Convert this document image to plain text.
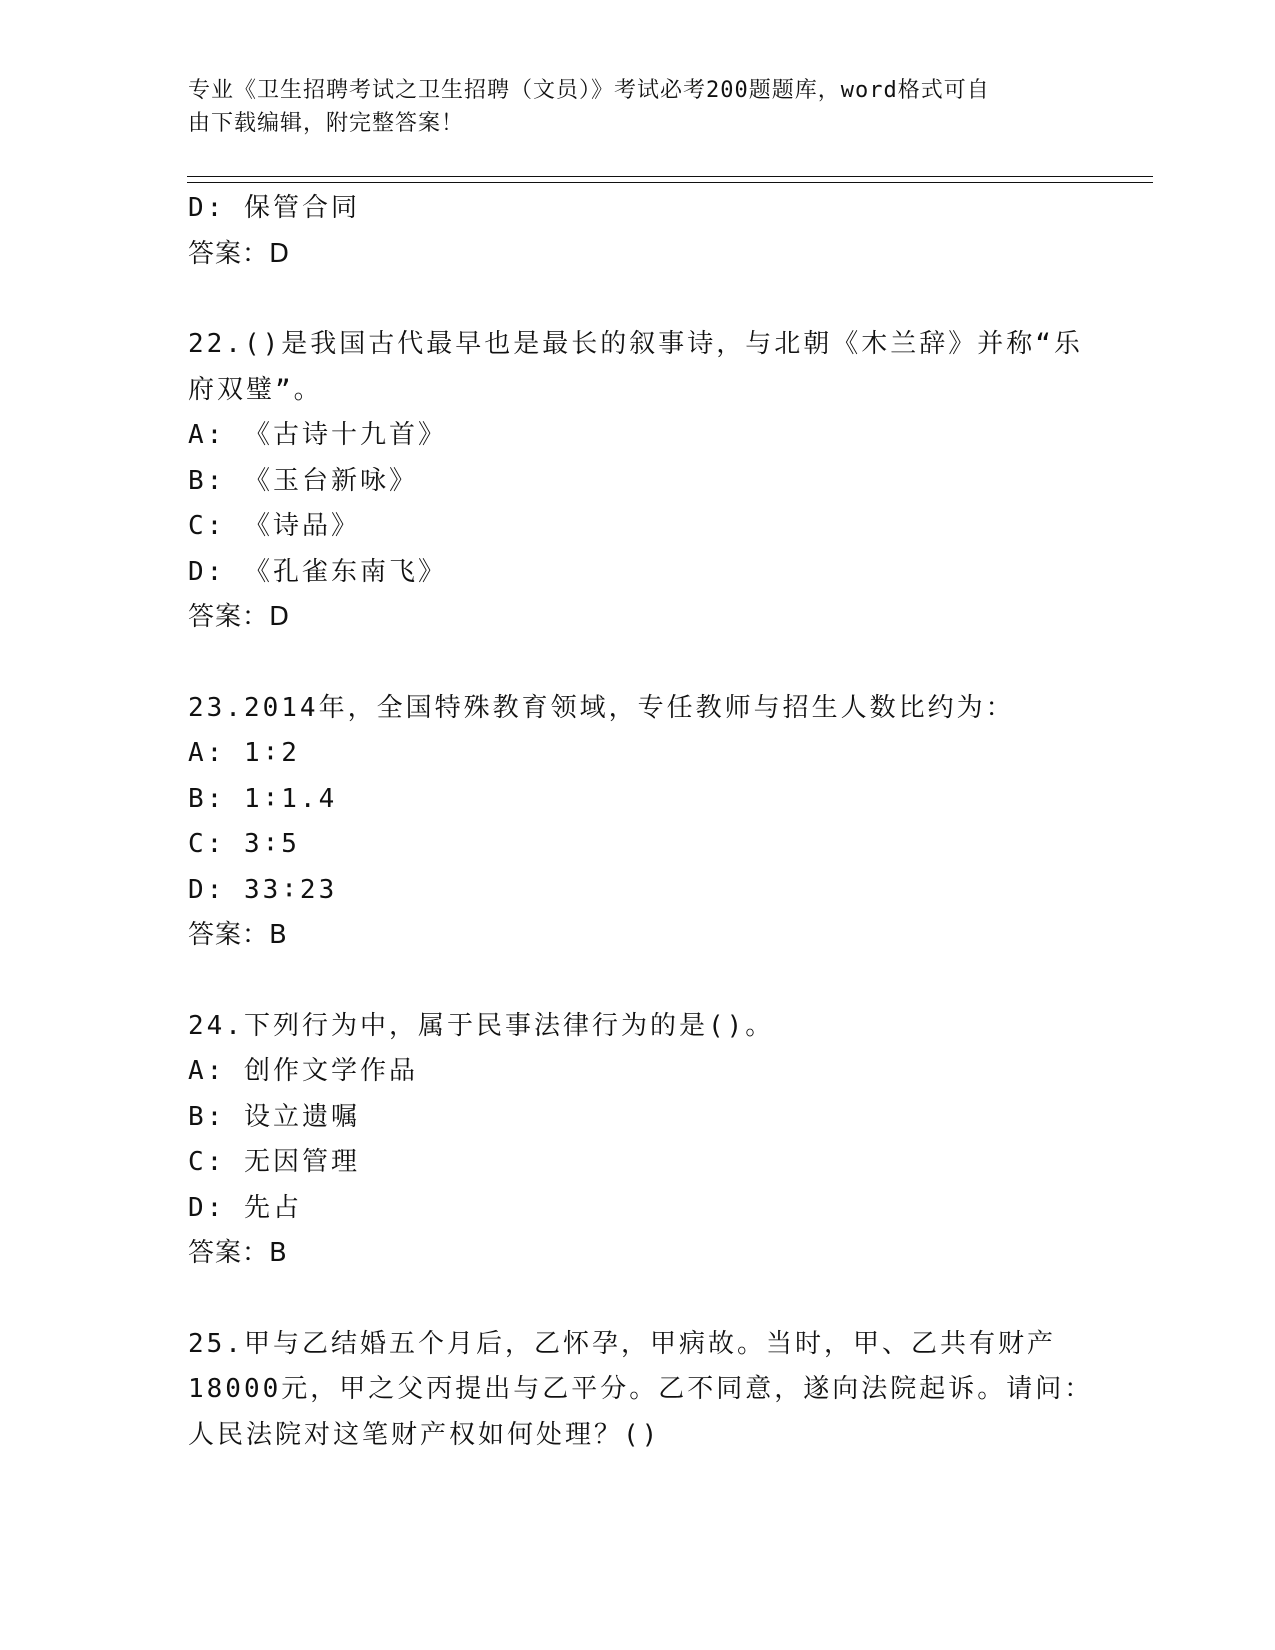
专业《卫生招聘考试之卫生招聘（文员）》考试必考200题题库，word格式可自
由下载编辑，附完整答案！
D: 保管合同
答案：D
22.()是我国古代最早也是最长的叙事诗，与北朝《木兰辞》并称“乐
府双璧”。
A: 《古诗十九首》
B: 《玉台新咏》
C: 《诗品》
D: 《孔雀东南飞》
答案：D
23.2014年，全国特殊教育领域，专任教师与招生人数比约为：
A: 1∶2
B: 1∶1.4
C: 3∶5
D: 33∶23
答案：B
24.下列行为中，属于民事法律行为的是()。
A: 创作文学作品
B: 设立遗嘱
C: 无因管理
D: 先占
答案：B
25.甲与乙结婚五个月后，乙怀孕，甲病故。当时，甲、乙共有财产
18000元，甲之父丙提出与乙平分。乙不同意，遂向法院起诉。请问：
人民法院对这笔财产权如何处理？()
